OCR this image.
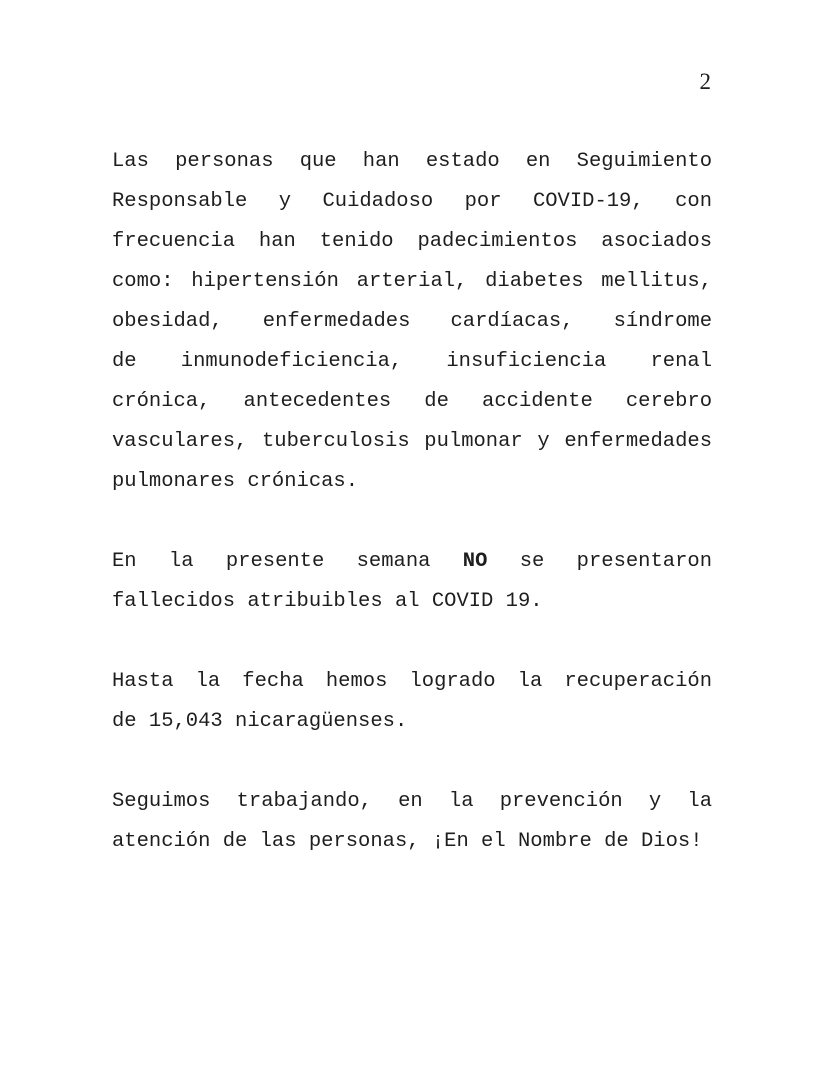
2
Las personas que han estado en Seguimiento
Responsable y Cuidadoso por COVID-19, con
frecuencia han tenido padecimientos asociados
como: hipertensión arterial, diabetes mellitus,
obesidad, enfermedades cardíacas, síndrome
de inmunodeficiencia, insuficiencia renal
crónica, antecedentes de accidente cerebro
vasculares, tuberculosis pulmonar y enfermedades
pulmonares crónicas.
En la presente semana NO se presentaron
fallecidos atribuibles al COVID 19.
Hasta la fecha hemos logrado la recuperación
de 15,043 nicaragüenses.
Seguimos trabajando, en la prevención y la
atención de las personas, ¡En el Nombre de Dios!
